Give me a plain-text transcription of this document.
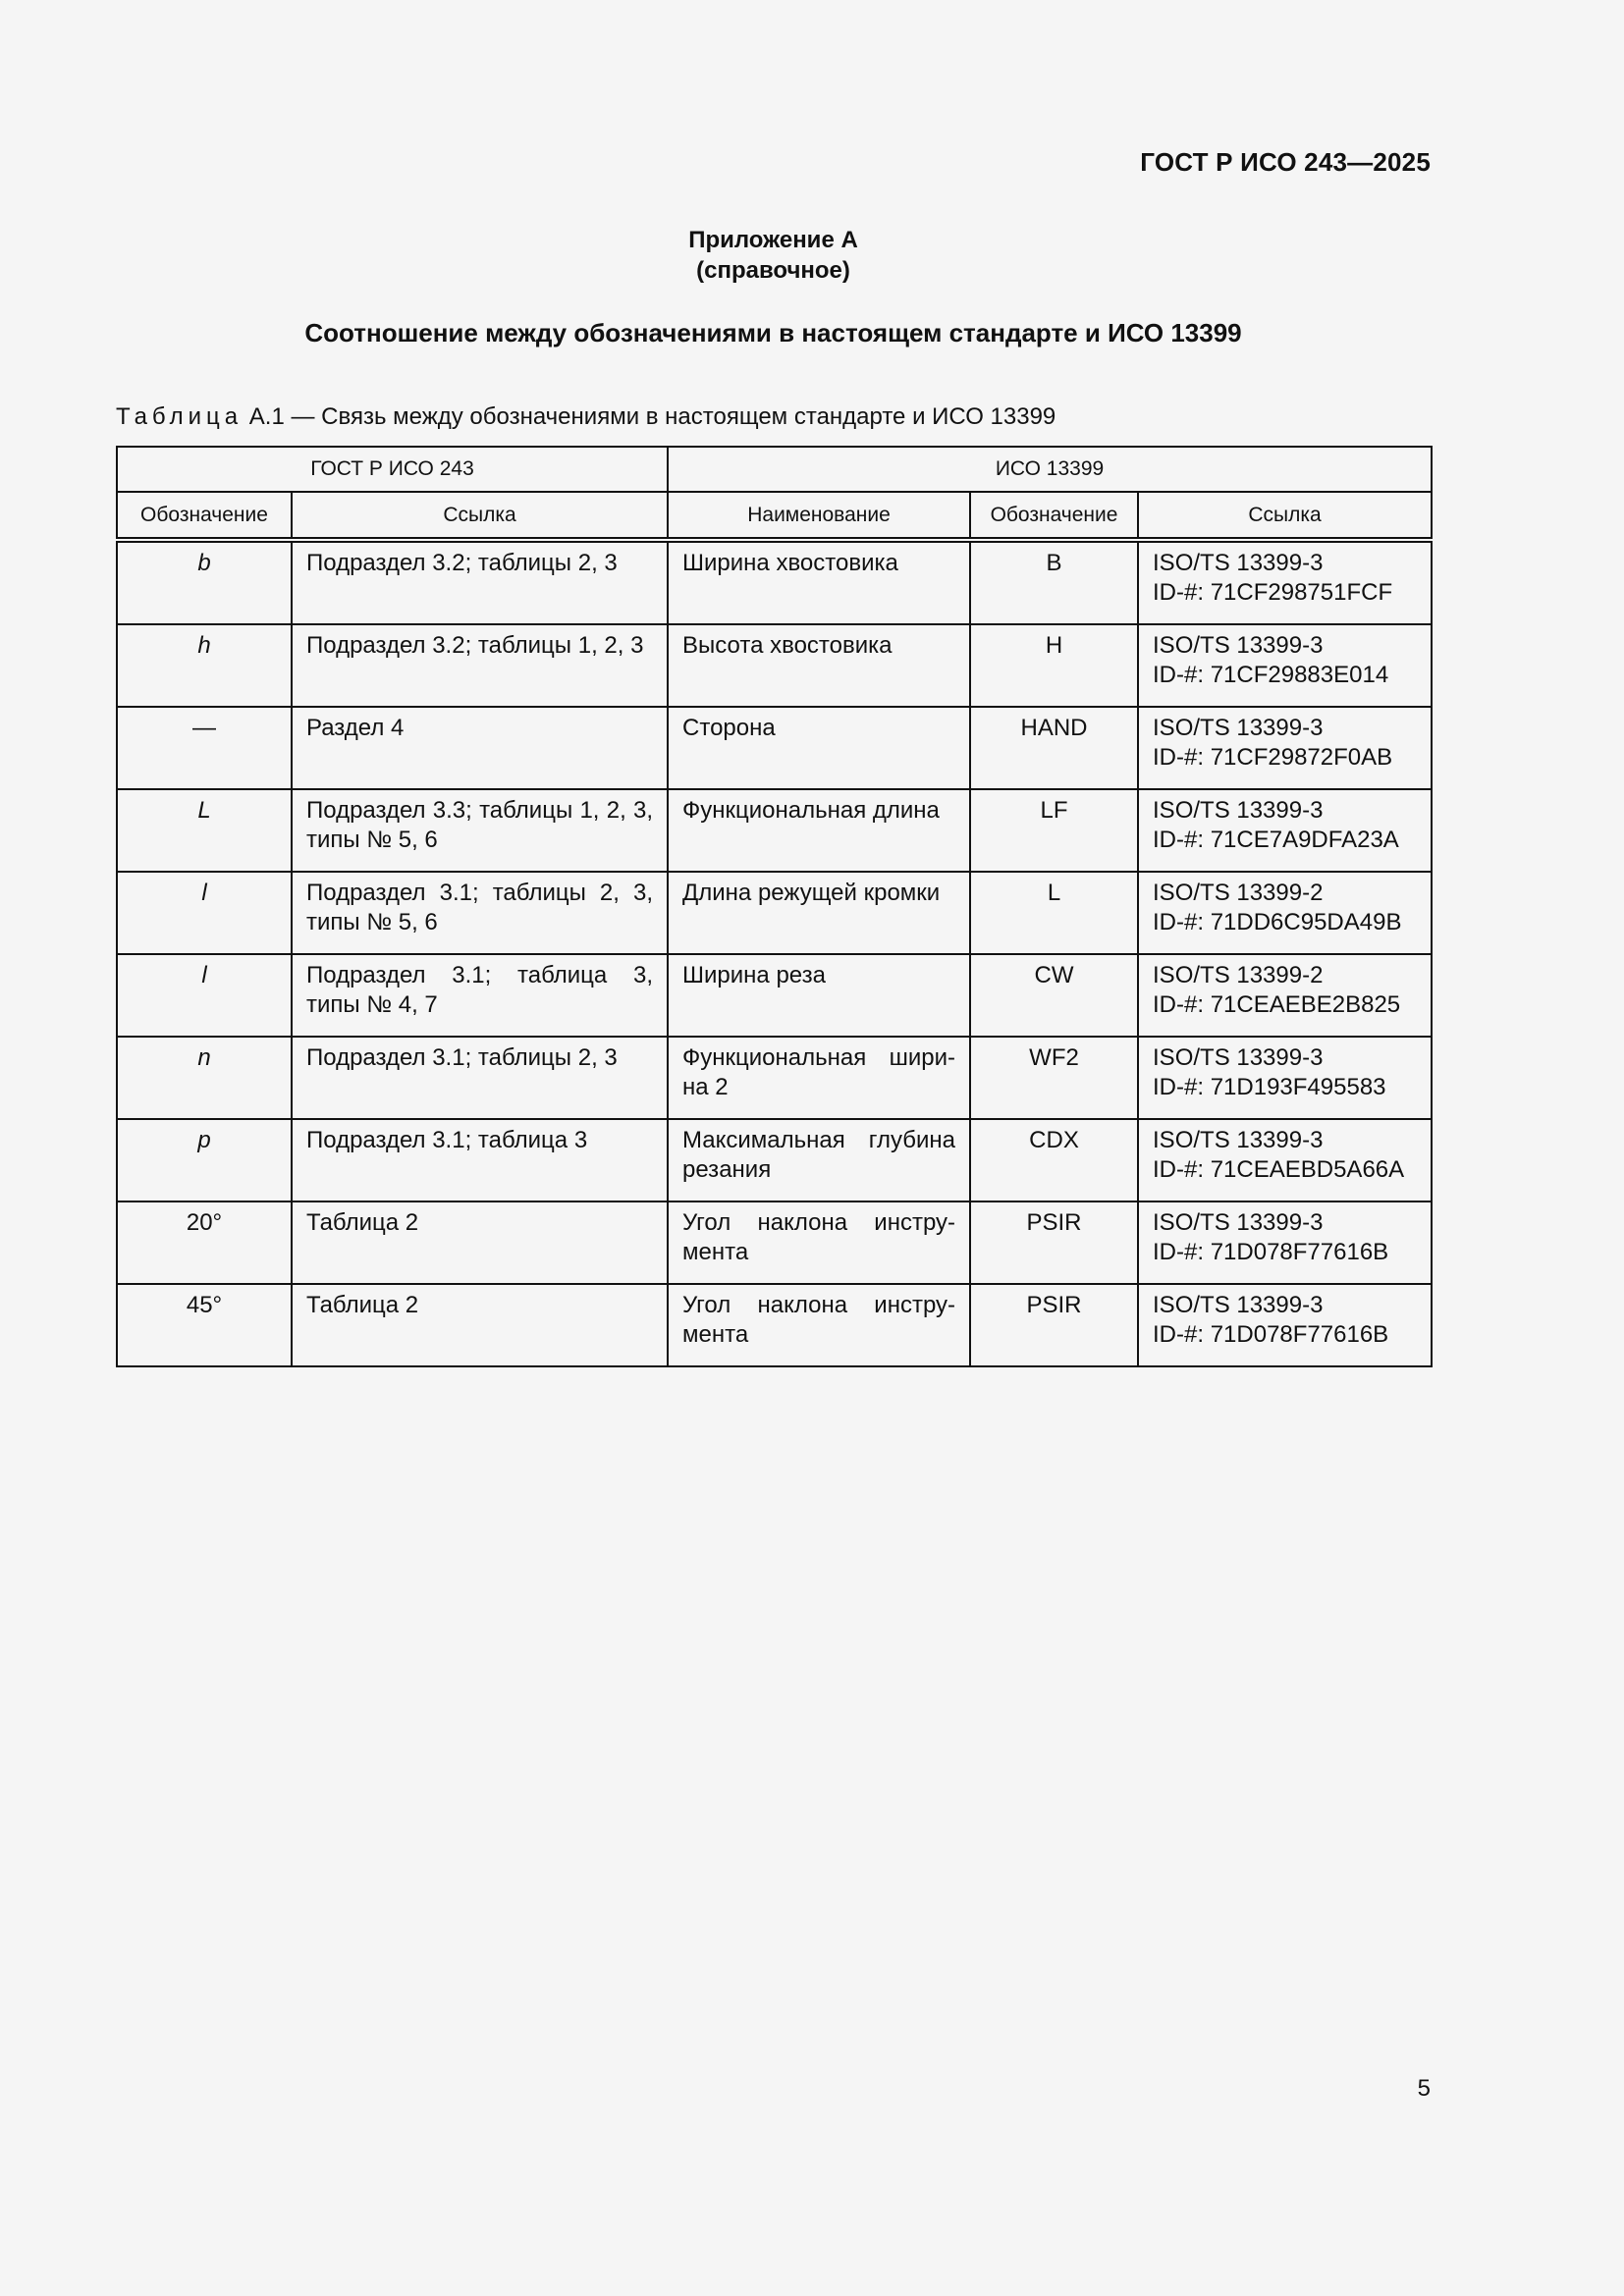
ГОСТ Р ИСО 243—2025
Приложение А
(справочное)
Соотношение между обозначениями в настоящем стандарте и ИСО 13399
Таблица А.1 — Связь между обозначениями в настоящем стандарте и ИСО 13399
ГОСТ Р ИСО 243		ИСО 13399		
Обозначение	Ссылка	Наименование	Обозначение	Ссылка
b	Подраздел 3.2; таблицы 2, 3	Ширина хвостовика	B	ISO/TS 13399-3
ID-#: 71CF298751FCF

h	Подраздел 3.2; таблицы 1, 2, 3	Высота хвостовика	H	ISO/TS 13399-3
ID-#: 71CF29883E014

—	Раздел 4	Сторона	HAND	ISO/TS 13399-3
ID-#: 71CF29872F0AB

L	Подраздел 3.3; таблицы 1, 2, 3, типы № 5, 6	Функциональная длина	LF	ISO/TS 13399-3
ID-#: 71CE7A9DFA23A

l	Подраздел 3.1; таблицы 2, 3, типы № 5, 6	Длина режущей кромки	L	ISO/TS 13399-2
ID-#: 71DD6C95DA49B

l	Подраздел 3.1; таблица 3, типы № 4, 7	Ширина реза	CW	ISO/TS 13399-2
ID-#: 71CEAEBE2B825

n	Подраздел 3.1; таблицы 2, 3	Функциональная шири-на 2	WF2	ISO/TS 13399-3
ID-#: 71D193F495583

p	Подраздел 3.1; таблица 3	Максимальная глубина резания	CDX	ISO/TS 13399-3
ID-#: 71CEAEBD5A66A

20°	Таблица 2	Угол наклона инстру-мента	PSIR	ISO/TS 13399-3
ID-#: 71D078F77616B

45°	Таблица 2	Угол наклона инстру-мента	PSIR	ISO/TS 13399-3
ID-#: 71D078F77616B
5
